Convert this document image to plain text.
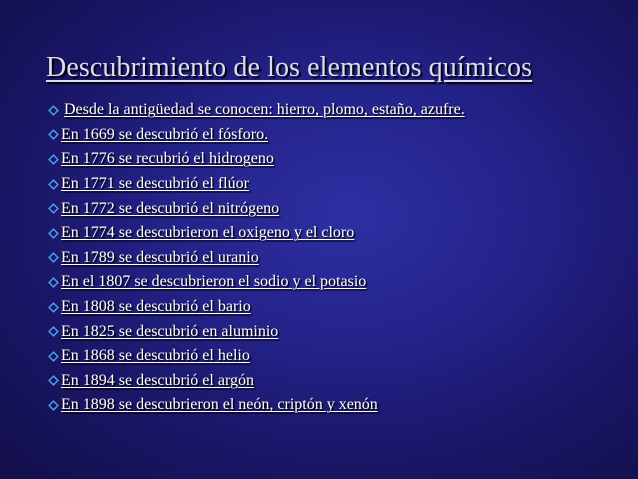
Descubrimiento de los elementos químicos
Desde la antigüedad se conocen: hierro, plomo, estaño, azufre.
En 1669 se descubrió el fósforo.
En 1776 se recubrió el hidrogeno
En 1771 se descubrió el flúor
En 1772 se descubrió el nitrógeno
En 1774 se descubrieron el oxigeno y el cloro
En 1789 se descubrió el uranio
En el 1807 se descubrieron el sodio y el potasio
En 1808 se descubrió el bario
En 1825 se descubrió en aluminio
En 1868 se descubrió el helio
En 1894 se descubrió el argón
En 1898 se descubrieron el neón, criptón y xenón
